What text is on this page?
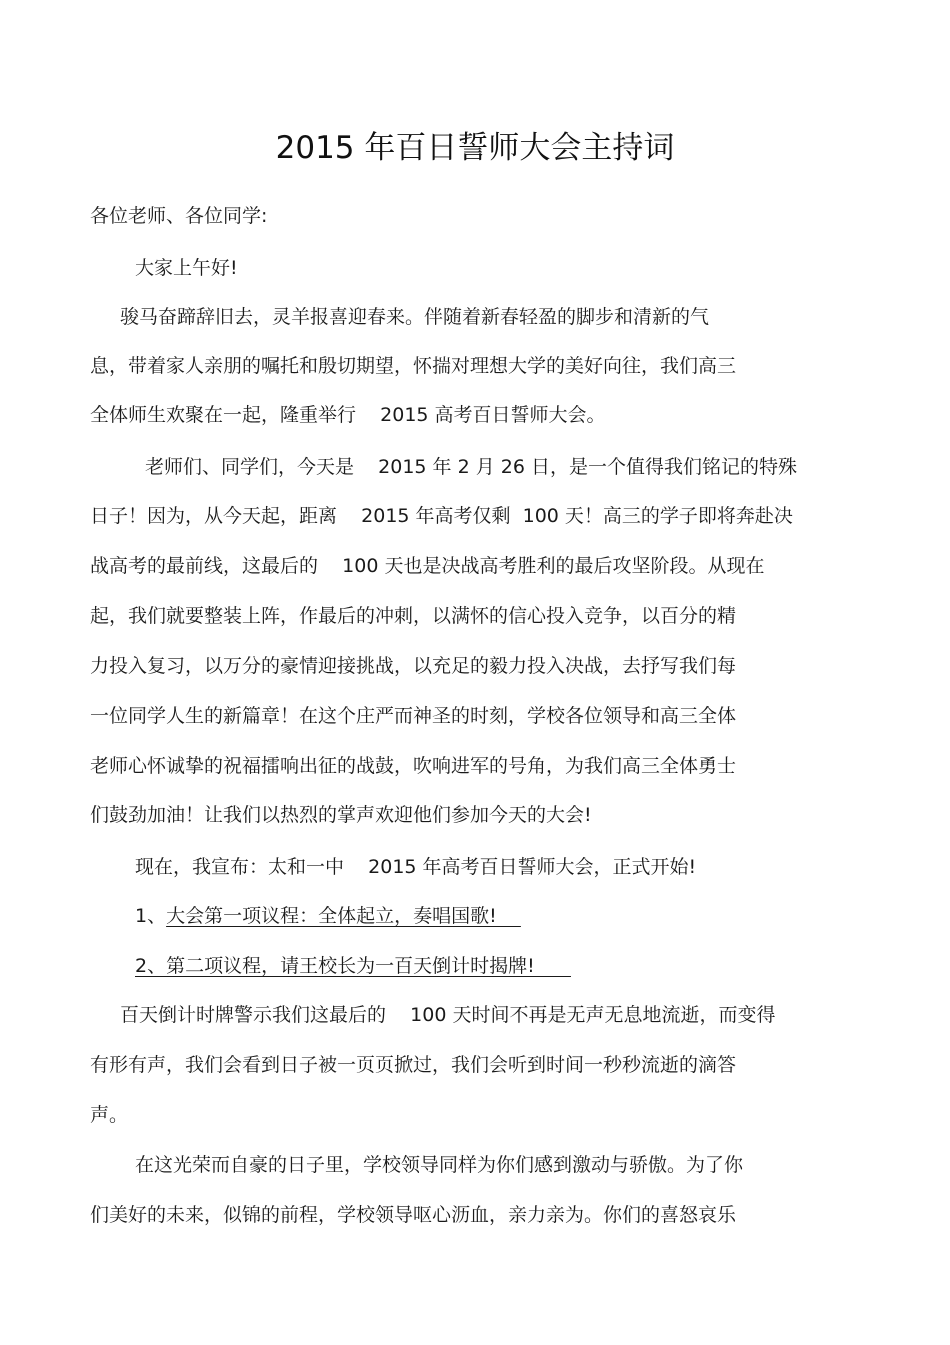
2015 年百日誓师大会主持词
各位老师、各位同学:
大家上午好!
骏马奋蹄辞旧去，灵羊报喜迎春来。伴随着新春轻盈的脚步和清新的气
息，带着家人亲朋的嘱托和殷切期望，怀揣对理想大学的美好向往，我们高三
全体师生欢聚在一起，隆重举行    2015 高考百日誓师大会。
老师们、同学们，今天是    2015 年 2 月 26 日，是一个值得我们铭记的特殊
日子！因为，从今天起，距离    2015 年高考仅剩  100 天！高三的学子即将奔赴决
战高考的最前线，这最后的    100 天也是决战高考胜利的最后攻坚阶段。从现在
起，我们就要整装上阵，作最后的冲刺，以满怀的信心投入竞争，以百分的精
力投入复习，以万分的豪情迎接挑战，以充足的毅力投入决战，去抒写我们每
一位同学人生的新篇章！在这个庄严而神圣的时刻，学校各位领导和高三全体
老师心怀诚挚的祝福擂响出征的战鼓，吹响进军的号角，为我们高三全体勇士
们鼓劲加油！让我们以热烈的掌声欢迎他们参加今天的大会!
现在，我宣布：太和一中    2015 年高考百日誓师大会，正式开始!
1、大会第一项议程：全体起立，奏唱国歌!
2、第二项议程，请王校长为一百天倒计时揭牌!
百天倒计时牌警示我们这最后的    100 天时间不再是无声无息地流逝，而变得
有形有声，我们会看到日子被一页页掀过，我们会听到时间一秒秒流逝的滴答
声。
在这光荣而自豪的日子里，学校领导同样为你们感到激动与骄傲。为了你
们美好的未来，似锦的前程，学校领导呕心沥血，亲力亲为。你们的喜怒哀乐
